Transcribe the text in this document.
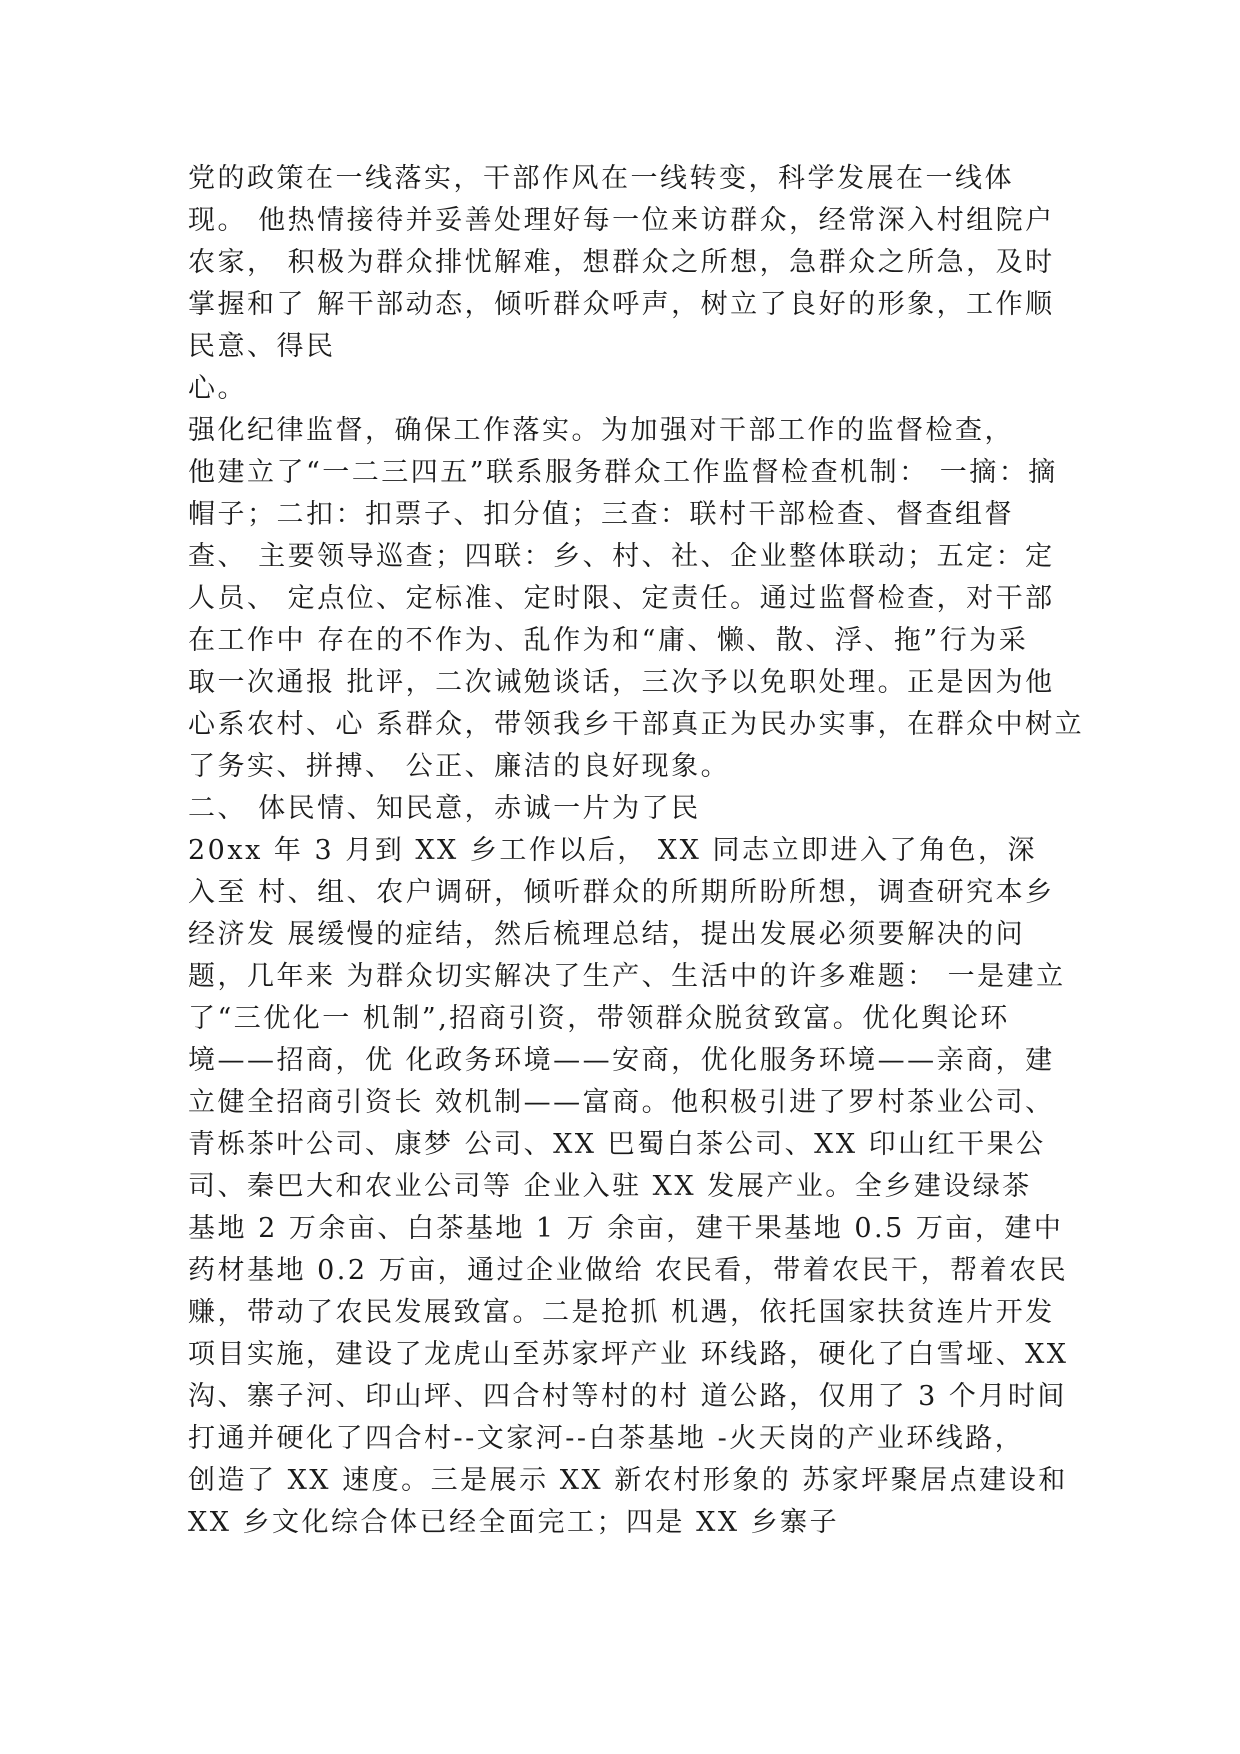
党的政策在一线落实，干部作风在一线转变，科学发展在一线体
现。 他热情接待并妥善处理好每一位来访群众，经常深入村组院户
农家， 积极为群众排忧解难，想群众之所想，急群众之所急，及时
掌握和了 解干部动态，倾听群众呼声，树立了良好的形象，工作顺
民意、得民
心。
强化纪律监督，确保工作落实。为加强对干部工作的监督检查，
他建立了“一二三四五”联系服务群众工作监督检查机制： 一摘：摘
帽子；二扣：扣票子、扣分值；三查：联村干部检查、督查组督
查、 主要领导巡查；四联：乡、村、社、企业整体联动；五定：定
人员、 定点位、定标准、定时限、定责任。通过监督检查，对干部
在工作中 存在的不作为、乱作为和“庸、懒、散、浮、拖”行为采
取一次通报 批评，二次诫勉谈话，三次予以免职处理。正是因为他
心系农村、心 系群众，带领我乡干部真正为民办实事，在群众中树立
了务实、拼搏、 公正、廉洁的良好现象。
二、 体民情、知民意，赤诚一片为了民
20xx 年 3 月到 XX 乡工作以后， XX 同志立即进入了角色，深
入至 村、组、农户调研，倾听群众的所期所盼所想，调查研究本乡
经济发 展缓慢的症结，然后梳理总结，提出发展必须要解决的问
题，几年来 为群众切实解决了生产、生活中的许多难题： 一是建立
了“三优化一 机制”,招商引资，带领群众脱贫致富。优化舆论环
境——招商，优 化政务环境——安商，优化服务环境——亲商，建
立健全招商引资长 效机制——富商。他积极引进了罗村茶业公司、
青栎茶叶公司、康梦 公司、XX 巴蜀白茶公司、XX 印山红干果公
司、秦巴大和农业公司等 企业入驻 XX 发展产业。全乡建设绿茶
基地 2 万余亩、白茶基地 1 万 余亩，建干果基地 0.5 万亩，建中
药材基地 0.2 万亩，通过企业做给 农民看，带着农民干，帮着农民
赚，带动了农民发展致富。二是抢抓 机遇，依托国家扶贫连片开发
项目实施，建设了龙虎山至苏家坪产业 环线路，硬化了白雪垭、XX
沟、寨子河、印山坪、四合村等村的村 道公路，仅用了 3 个月时间
打通并硬化了四合村--文家河--白茶基地 -火天岗的产业环线路，
创造了 XX 速度。三是展示 XX 新农村形象的 苏家坪聚居点建设和
XX 乡文化综合体已经全面完工；四是 XX 乡寨子
